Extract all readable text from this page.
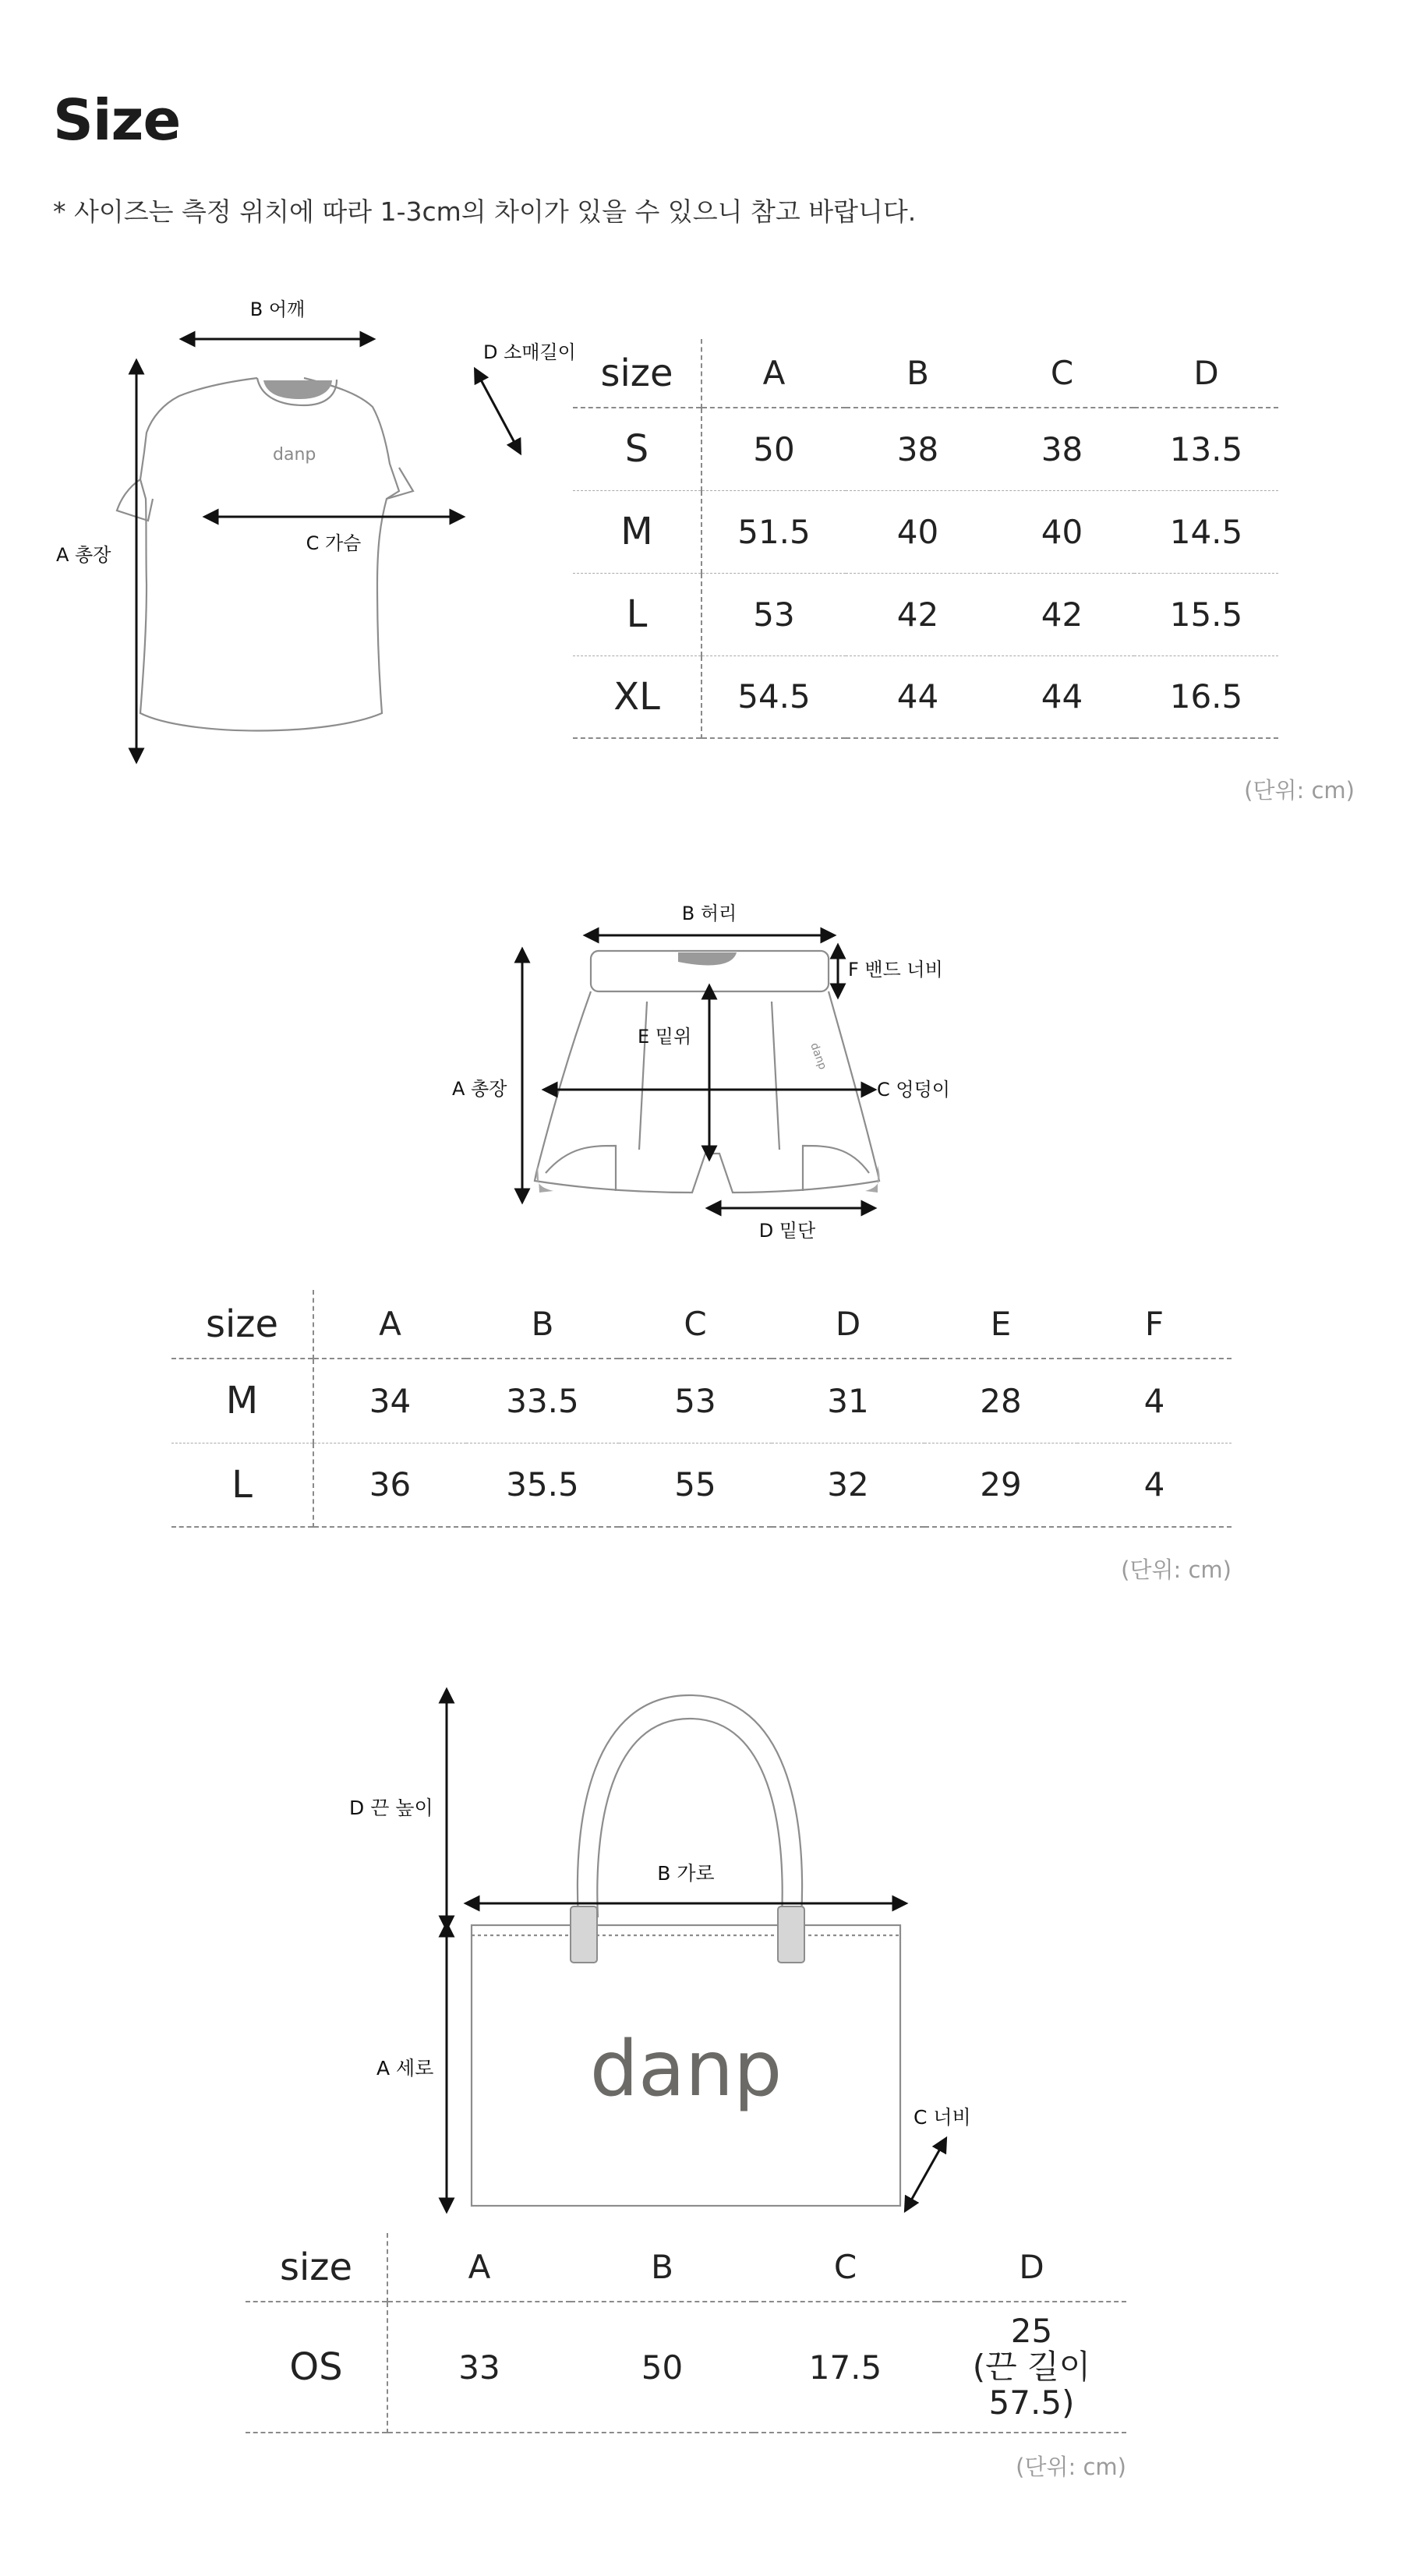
Size
* 사이즈는 측정 위치에 따라 1-3cm의 차이가 있을 수 있으니 참고 바랍니다.
danp
B 어깨
A 총장
C 가슴
D 소매길이 size	A	B	C	D
S	50	38	38	13.5
M	51.5	40	40	14.5
L	53	42	42	15.5
XL	54.5	44	44	16.5
(단위: cm)
danp
B 허리
F 밴드 너비
A 총장
E 밑위
C 엉덩이
D 밑단
size	A	B	C	D	E	F
M	34	33.5	53	31	28	4
L	36	35.5	55	32	29	4
(단위: cm)
danp
D 끈 높이
A 세로
B 가로
C 너비
size	A	B	C	D
OS	33	50	17.5	25
(끈 길이 57.5)
(단위: cm)
